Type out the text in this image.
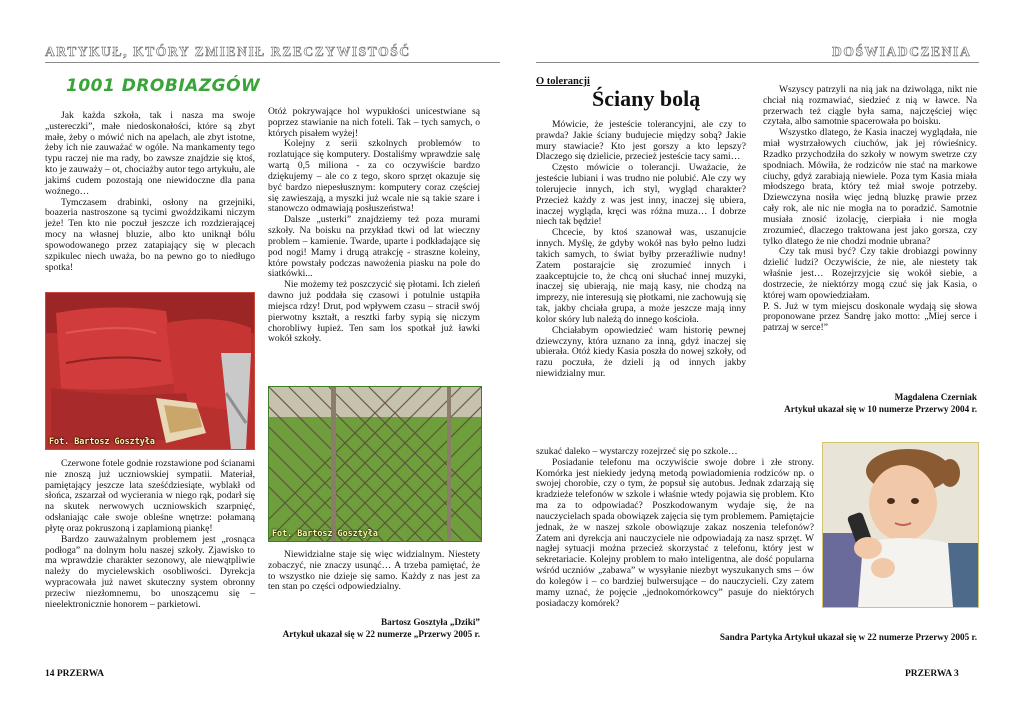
ARTYKUŁ, KTÓRY ZMIENIŁ RZECZYWISTOŚĆ	DOŚWIADCZENIA
1001 DROBIAZGÓW

Jak każda szkoła, tak i nasza ma swoje „ustereczki”, małe niedoskonałości, które są zbyt małe, żeby o mówić nich na apelach, ale zbyt istotne, żeby ich nie zauważać w ogóle. Na mankamenty tego typu raczej nie ma rady, bo zawsze znajdzie się ktoś, kto je zauważy – ot, chociażby autor tego artykułu, ale jakimś cudem pozostają one niewidoczne dla pana woźnego…

Tymczasem drabinki, osłony na grzejniki, boazeria nastroszone są tycimi gwoździkami niczym jeże! Ten kto nie poczuł jeszcze ich rozdzierającej mocy na własnej bluzie, albo kto uniknął bólu spowodowanego przez zatapiający się w plecach szpikulec niech uważa, bo na pewno go to niedługo spotka!

Fot. Bartosz Gosztyła

Czerwone fotele godnie rozstawione pod ścianami nie znoszą już uczniowskiej sympatii. Materiał, pamiętający jeszcze lata sześćdziesiąte, wyblakł od słońca, zszarzał od wycierania w niego rąk, podarł się na skutek nerwowych uczniowskich szarpnięć, odsłaniając całe swoje obleśne wnętrze: połamaną płytę oraz pokruszoną i zaplamioną piankę!

Bardzo zauważalnym problemem jest „rosnąca podłoga” na dolnym holu naszej szkoły. Zjawisko to ma wprawdzie charakter sezonowy, ale niewątpliwie należy do mycielewskich osobliwości. Dyrekcja wypracowała już nawet skuteczny system obronny przeciw niezłomnemu, bo unoszącemu się – nieelektronicznie honorem – parkietowi.

Otóż pokrywające hol wypukłości unicestwiane są poprzez stawianie na nich foteli. Tak – tych samych, o których pisałem wyżej!

Kolejny z serii szkolnych problemów to rozlatujące się komputery. Dostaliśmy wprawdzie salę wartą 0,5 miliona - za co oczywiście bardzo dziękujemy – ale co z tego, skoro sprzęt okazuje się być bardzo niepesłusznym: komputery coraz częściej się zawieszają, a myszki już wcale nie są takie szare i stanowczo odmawiają posłuszeństwa!

Dalsze „usterki” znajdziemy też poza murami szkoły. Na boisku na przykład tkwi od lat wieczny problem – kamienie. Twarde, uparte i podkładające się pod nogi! Mamy i drugą atrakcję - straszne koleiny, które powstały podczas nawożenia piasku na pole do siatkówki...

Nie możemy też poszczycić się płotami. Ich zieleń dawno już poddała się czasowi i potulnie ustąpiła miejsca rdzy! Drut, pod wpływem czasu – stracił swój pierwotny kształt, a resztki farby sypią się niczym chorobliwy łupież. Ten sam los spotkał już ławki wokół szkoły.

Fot. Bartosz Gosztyła

Niewidzialne staje się więc widzialnym. Niestety zobaczyć, nie znaczy usunąć… A trzeba pamiętać, że to wszystko nie dzieje się samo. Każdy z nas jest za ten stan po części odpowiedzialny.

Bartosz Gosztyła „Dziki”
Artykuł ukazał się w 22 numerze „Przerwy 2005 r.
O tolerancji
Ściany bolą

Mówicie, że jesteście tolerancyjni, ale czy to prawda? Jakie ściany budujecie między sobą? Jakie mury stawiacie? Kto jest gorszy a kto lepszy? Dlaczego się dzielicie, przecież jesteście tacy sami…

Często mówicie o tolerancji. Uważacie, że jesteście lubiani i was trudno nie polubić. Ale czy wy tolerujecie innych, ich styl, wygląd charakter? Przecież każdy z was jest inny, inaczej się ubiera, inaczej wygląda, kręci was różna muza… I dobrze niech tak będzie!

Chcecie, by ktoś szanował was, uszanujcie innych. Myślę, że gdyby wokół nas było pełno ludzi takich samych, to świat byłby przeraźliwie nudny! Zatem postarajcie się zrozumieć innych i zaakceptujcie to, że chcą oni słuchać innej muzyki, inaczej się ubierają, nie mają kasy, nie chodzą na imprezy, nie interesują się płotkami, nie zachowują się tak, jakby chciała grupa, a może jeszcze mają inny kolor skóry lub należą do innego kościoła.

Chciałabym opowiedzieć wam historię pewnej dziewczyny, która uznano za inną, gdyż inaczej się ubierała. Otóż kiedy Kasia poszła do nowej szkoły, od razu poczuła, że dzieli ją od innych jakby niewidzialny mur.

Wszyscy patrzyli na nią jak na dziwoląga, nikt nie chciał nią rozmawiać, siedzieć z nią w ławce. Na przerwach też ciągle była sama, najczęściej więc czytała, albo samotnie spacerowała po boisku.

Wszystko dlatego, że Kasia inaczej wyglądała, nie miał wystrzałowych ciuchów, jak jej rówieśnicy. Rzadko przychodziła do szkoły w nowym swetrze czy spodniach. Mówiła, że rodziców nie stać na markowe ciuchy, gdyż zarabiają niewiele. Poza tym Kasia miała młodszego brata, który też miał swoje potrzeby. Dziewczyna nosiła więc jedną bluzkę prawie przez cały rok, ale nic nie mogła na to poradzić. Samotnie musiała znosić izolację, cierpiała i nie mogła zrozumieć, dlaczego traktowana jest jako gorsza, czy tylko dlatego że nie chodzi modnie ubrana?

Czy tak musi być? Czy takie drobiazgi powinny dzielić ludzi? Oczywiście, że nie, ale niestety tak właśnie jest… Rozejrzyjcie się wokół siebie, a dostrzecie, że niektórzy mogą czuć się jak Kasia, o której wam opowiedziałam.

P. S. Już w tym miejscu doskonale wydają się słowa proponowane przez Sandrę jako motto: „Miej serce i patrzaj w serce!”

Magdalena Czerniak
Artykuł ukazał się w 10 numerze Przerwy 2004 r.

szukać daleko – wystarczy rozejrzeć się po szkole…

Posiadanie telefonu ma oczywiście swoje dobre i złe strony. Komórka jest niekiedy jedyną metodą powiadomienia rodziców np. o swojej chorobie, czy o tym, że popsuł się autobus. Jednak zdarzają się kradzieże telefonów w szkole i właśnie wtedy pojawia się problem. Kto ma za to odpowiadać? Poszkodowanym wydaje się, że na nauczycielach spada obowiązek zajęcia się tym problemem. Pamiętajcie jednak, że w naszej szkole obowiązuje zakaz noszenia telefonów? Zatem ani dyrekcja ani nauczyciele nie odpowiadają za nasz sprzęt. W nagłej sytuacji można przecież skorzystać z telefonu, który jest w sekretariacie. Kolejny problem to mało inteligentna, ale dość popularna wśród uczniów „zabawa” w wysyłanie niezbyt wyszukanych sms – ów do kolegów i – co bardziej bulwersujące – do nauczycieli. Czy zatem mamy uznać, że pojęcie „jednokomórkowcy” pasuje do niektórych posiadaczy komórek?

Sandra Partyka Artykuł ukazał się w 22 numerze Przerwy 2005 r.
14 PRZERWA	PRZERWA 3
